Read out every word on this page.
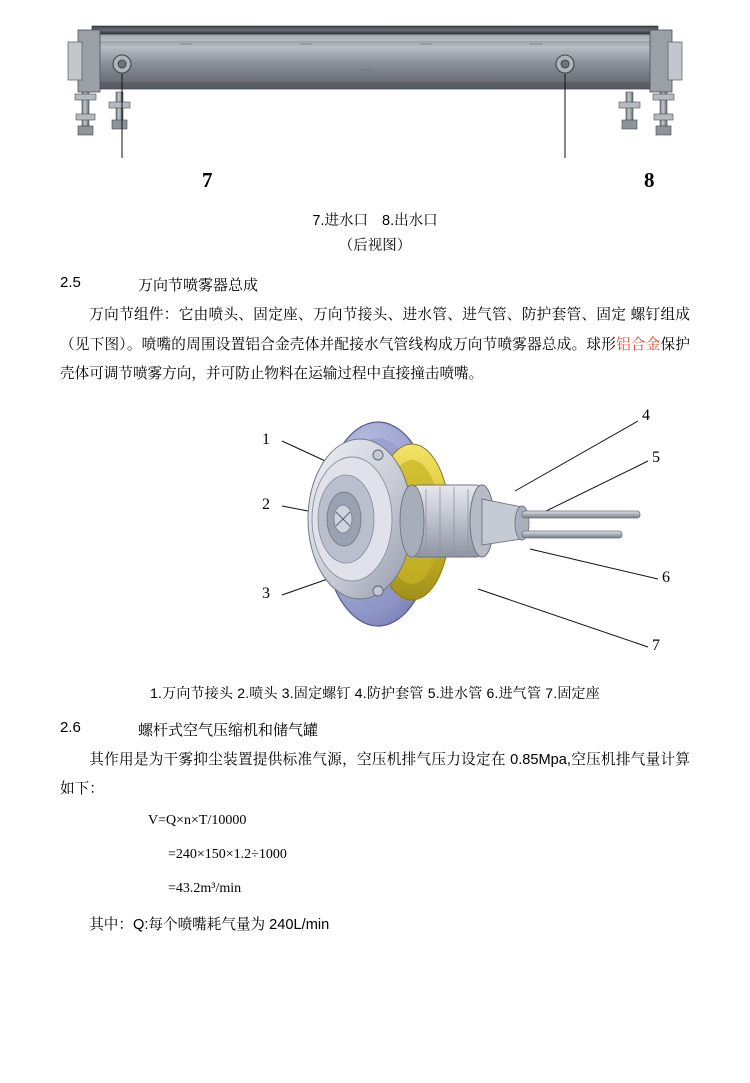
7	8
7.进水口 8.出水口
（后视图）
2.5	万向节喷雾器总成

万向节组件：它由喷头、固定座、万向节接头、进水管、进气管、防护套管、固定 螺钉组成（见下图）。喷嘴的周围设置铝合金壳体并配接水气管线构成万向节喷雾器总成。球形铝合金保护壳体可调节喷雾方向，并可防止物料在运输过程中直接撞击喷嘴。

1
2
3
4
5
6
7
1.万向节接头 2.喷头 3.固定螺钉 4.防护套管 5.进水管 6.进气管 7.固定座
2.6	螺杆式空气压缩机和储气罐

其作用是为干雾抑尘装置提供标准气源，空压机排气压力设定在 0.85Mpa,空压机排气量计算如下：

V=Q×n×T/10000
=240×150×1.2÷1000
=43.2m³/min

其中：Q:每个喷嘴耗气量为 240L/min
